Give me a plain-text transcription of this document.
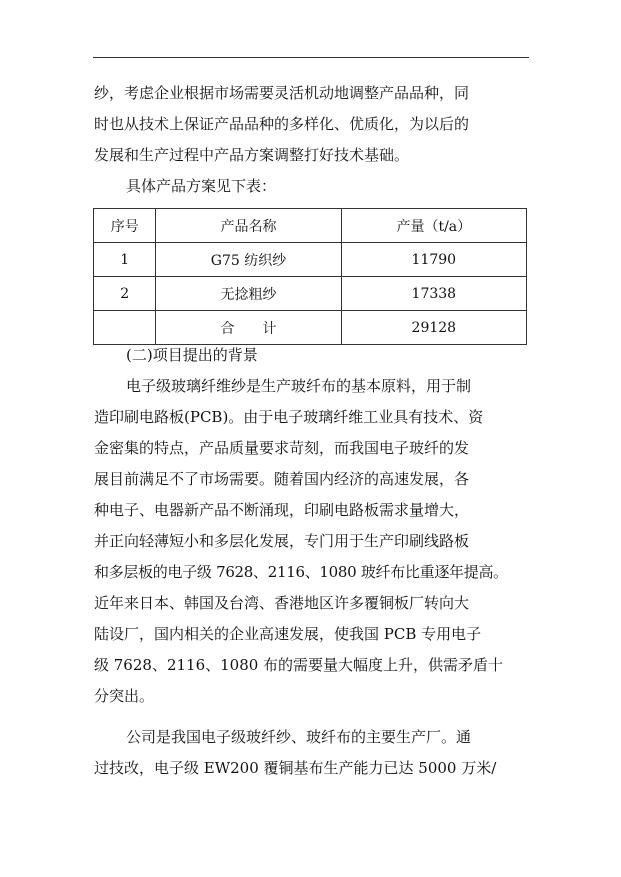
纱，考虑企业根据市场需要灵活机动地调整产品品种，同
时也从技术上保证产品品种的多样化、优质化，为以后的
发展和生产过程中产品方案调整打好技术基础。
具体产品方案见下表：
序号	产品名称	产量（t/a）
1	G75 纺织纱	11790
2	无捻粗纱	17338
	合　　计	29128
(二)项目提出的背景
电子级玻璃纤维纱是生产玻纤布的基本原料，用于制
造印刷电路板(PCB)。由于电子玻璃纤维工业具有技术、资
金密集的特点，产品质量要求苛刻，而我国电子玻纤的发
展目前满足不了市场需要。随着国内经济的高速发展，各
种电子、电器新产品不断涌现，印刷电路板需求量增大，
并正向轻薄短小和多层化发展，专门用于生产印刷线路板
和多层板的电子级 7628、2116、1080 玻纤布比重逐年提高。
近年来日本、韩国及台湾、香港地区许多覆铜板厂转向大
陆设厂，国内相关的企业高速发展，使我国 PCB 专用电子
级 7628、2116、1080 布的需要量大幅度上升，供需矛盾十
分突出。
公司是我国电子级玻纤纱、玻纤布的主要生产厂。通
过技改，电子级 EW200 覆铜基布生产能力已达 5000 万米/
